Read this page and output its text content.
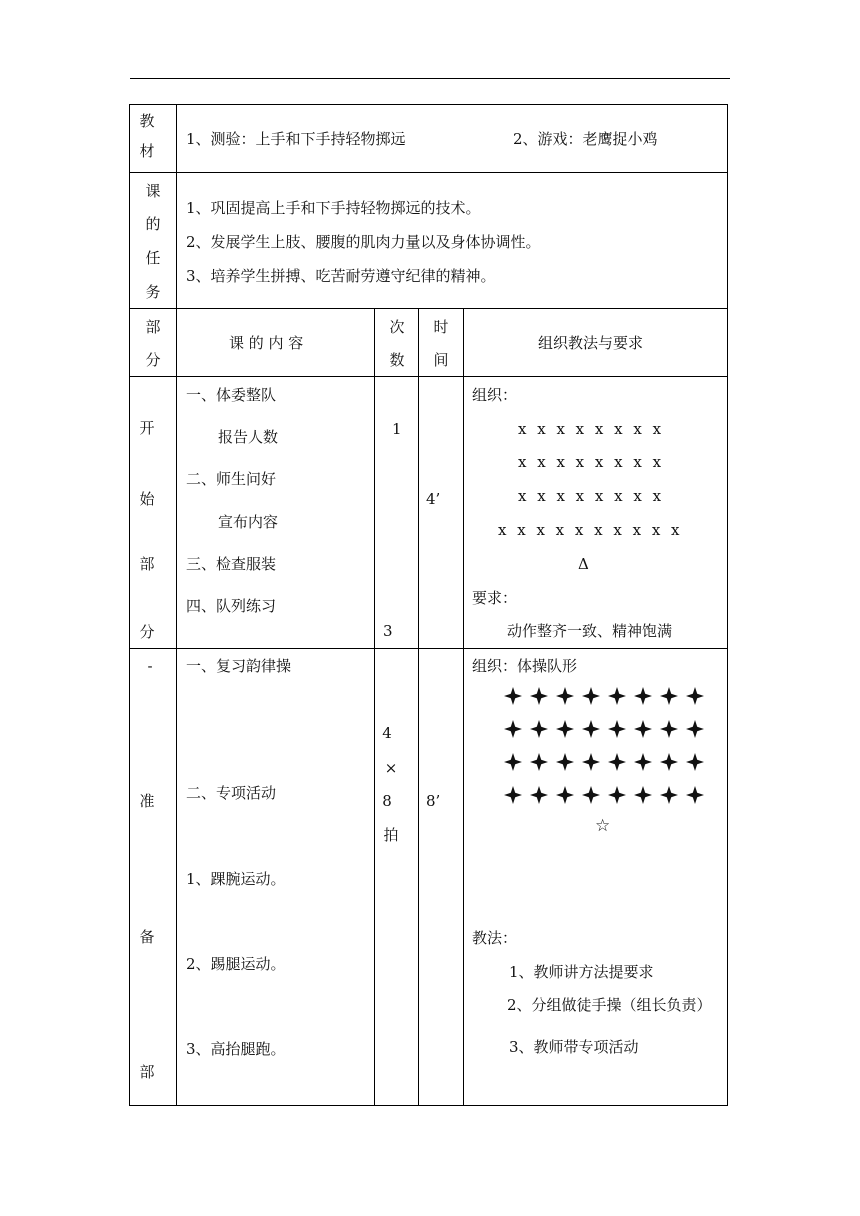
教
材
1、测验：上手和下手持轻物掷远	2、游戏：老鹰捉小鸡
课
的
任
务
1、巩固提高上手和下手持轻物掷远的技术。
2、发展学生上肢、腰腹的肌肉力量以及身体协调性。
3、培养学生拼搏、吃苦耐劳遵守纪律的精神。
部
分
课 的 内 容
次
数
时
间
组织教法与要求
开
始
部
分
一、体委整队
报告人数
二、师生问好
宣布内容
三、检查服装
四、队列练习
1
3
4’
组织：
x x x x x x x x
x x x x x x x x
x x x x x x x x
x x x x x x x x x x
Δ
要求：
动作整齐一致、精神饱满
-
准
备
部
一、复习韵律操
二、专项活动
1、踝腕运动。
2、踢腿运动。
3、高抬腿跑。
4
×
8
拍
8’
组织：体操队形
☆
教法：
1、教师讲方法提要求
2、分组做徒手操（组长负责）
3、教师带专项活动
